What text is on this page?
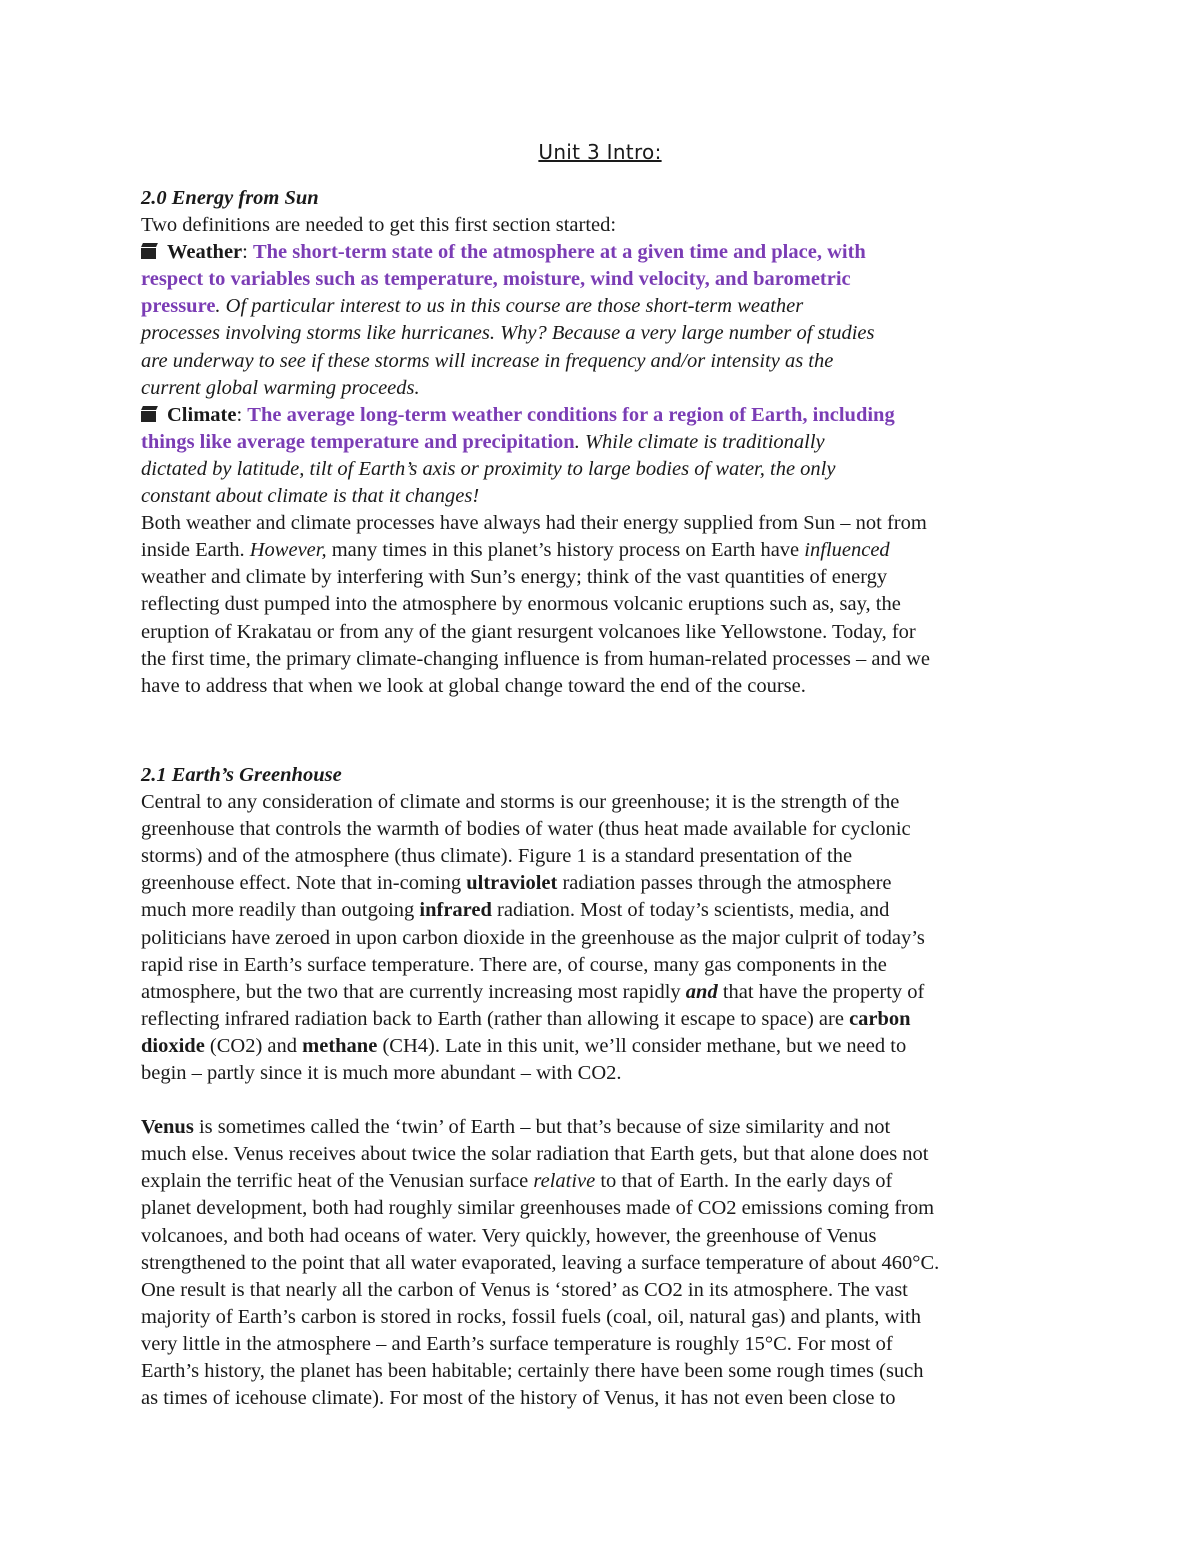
Unit 3 Intro:
2.0 Energy from Sun
Two definitions are needed to get this first section started:
Weather: The short-term state of the atmosphere at a given time and place, with
respect to variables such as temperature, moisture, wind velocity, and barometric
pressure. Of particular interest to us in this course are those short-term weather
processes involving storms like hurricanes. Why? Because a very large number of studies
are underway to see if these storms will increase in frequency and/or intensity as the
current global warming proceeds.
Climate: The average long-term weather conditions for a region of Earth, including
things like average temperature and precipitation. While climate is traditionally
dictated by latitude, tilt of Earth’s axis or proximity to large bodies of water, the only
constant about climate is that it changes!
Both weather and climate processes have always had their energy supplied from Sun – not from
inside Earth. However, many times in this planet’s history process on Earth have influenced
weather and climate by interfering with Sun’s energy; think of the vast quantities of energy
reflecting dust pumped into the atmosphere by enormous volcanic eruptions such as, say, the
eruption of Krakatau or from any of the giant resurgent volcanoes like Yellowstone. Today, for
the first time, the primary climate-changing influence is from human-related processes – and we
have to address that when we look at global change toward the end of the course.
2.1 Earth’s Greenhouse
Central to any consideration of climate and storms is our greenhouse; it is the strength of the
greenhouse that controls the warmth of bodies of water (thus heat made available for cyclonic
storms) and of the atmosphere (thus climate). Figure 1 is a standard presentation of the
greenhouse effect. Note that in-coming ultraviolet radiation passes through the atmosphere
much more readily than outgoing infrared radiation. Most of today’s scientists, media, and
politicians have zeroed in upon carbon dioxide in the greenhouse as the major culprit of today’s
rapid rise in Earth’s surface temperature. There are, of course, many gas components in the
atmosphere, but the two that are currently increasing most rapidly and that have the property of
reflecting infrared radiation back to Earth (rather than allowing it escape to space) are carbon
dioxide (CO2) and methane (CH4). Late in this unit, we’ll consider methane, but we need to
begin – partly since it is much more abundant – with CO2.
Venus is sometimes called the ‘twin’ of Earth – but that’s because of size similarity and not
much else. Venus receives about twice the solar radiation that Earth gets, but that alone does not
explain the terrific heat of the Venusian surface relative to that of Earth. In the early days of
planet development, both had roughly similar greenhouses made of CO2 emissions coming from
volcanoes, and both had oceans of water. Very quickly, however, the greenhouse of Venus
strengthened to the point that all water evaporated, leaving a surface temperature of about 460°C.
One result is that nearly all the carbon of Venus is ‘stored’ as CO2 in its atmosphere. The vast
majority of Earth’s carbon is stored in rocks, fossil fuels (coal, oil, natural gas) and plants, with
very little in the atmosphere – and Earth’s surface temperature is roughly 15°C. For most of
Earth’s history, the planet has been habitable; certainly there have been some rough times (such
as times of icehouse climate). For most of the history of Venus, it has not even been close to
